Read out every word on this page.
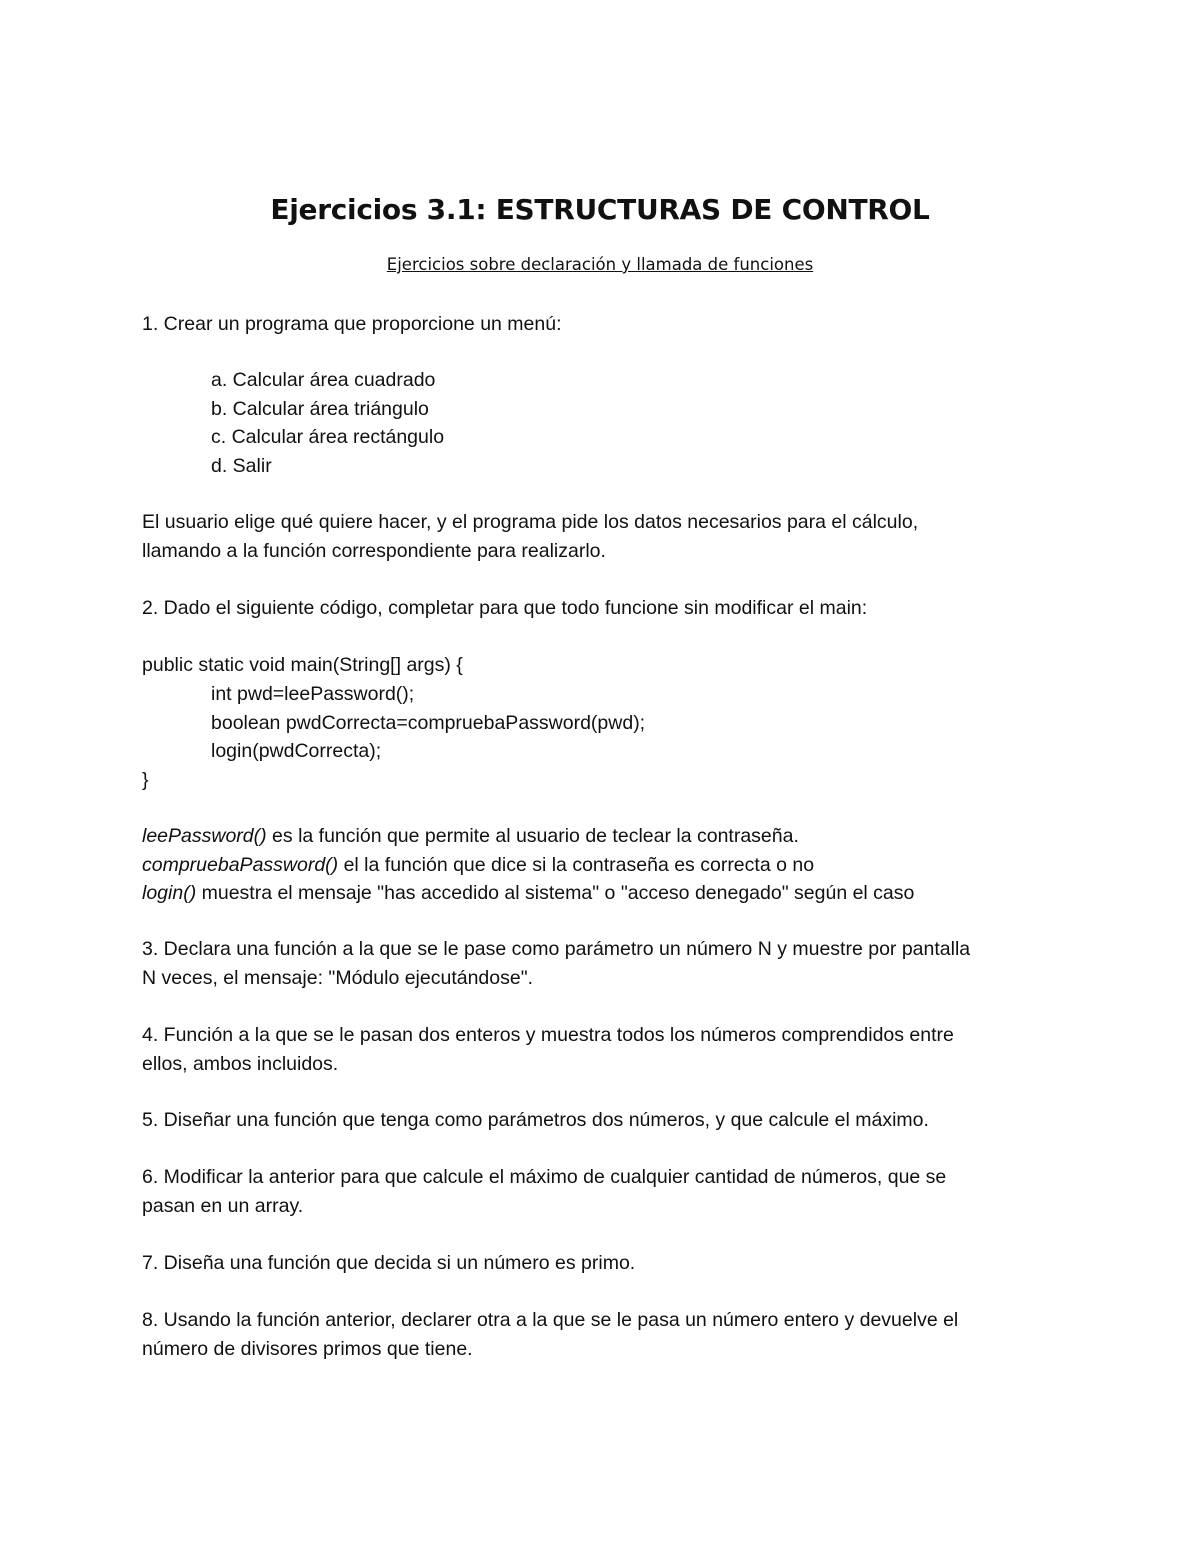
Ejercicios 3.1: ESTRUCTURAS DE CONTROL

Ejercicios sobre declaración y llamada de funciones

1. Crear un programa que proporcione un menú:

a. Calcular área cuadrado
b. Calcular área triángulo
c. Calcular área rectángulo
d. Salir
El usuario elige qué quiere hacer, y el programa pide los datos necesarios para el cálculo,
llamando a la función correspondiente para realizarlo.

2. Dado el siguiente código, completar para que todo funcione sin modificar el main:

public static void main(String[] args) {

int pwd=leePassword();
boolean pwdCorrecta=compruebaPassword(pwd);
login(pwdCorrecta);

}

leePassword() es la función que permite al usuario de teclear la contraseña.
compruebaPassword() el la función que dice si la contraseña es correcta o no
login() muestra el mensaje "has accedido al sistema" o "acceso denegado" según el caso
3. Declara una función a la que se le pase como parámetro un número N y muestre por pantalla
N veces, el mensaje: "Módulo ejecutándose".
4. Función a la que se le pasan dos enteros y muestra todos los números comprendidos entre
ellos, ambos incluidos.

5. Diseñar una función que tenga como parámetros dos números, y que calcule el máximo.

6. Modificar la anterior para que calcule el máximo de cualquier cantidad de números, que se
pasan en un array.

7. Diseña una función que decida si un número es primo.

8. Usando la función anterior, declarer otra a la que se le pasa un número entero y devuelve el
número de divisores primos que tiene.
